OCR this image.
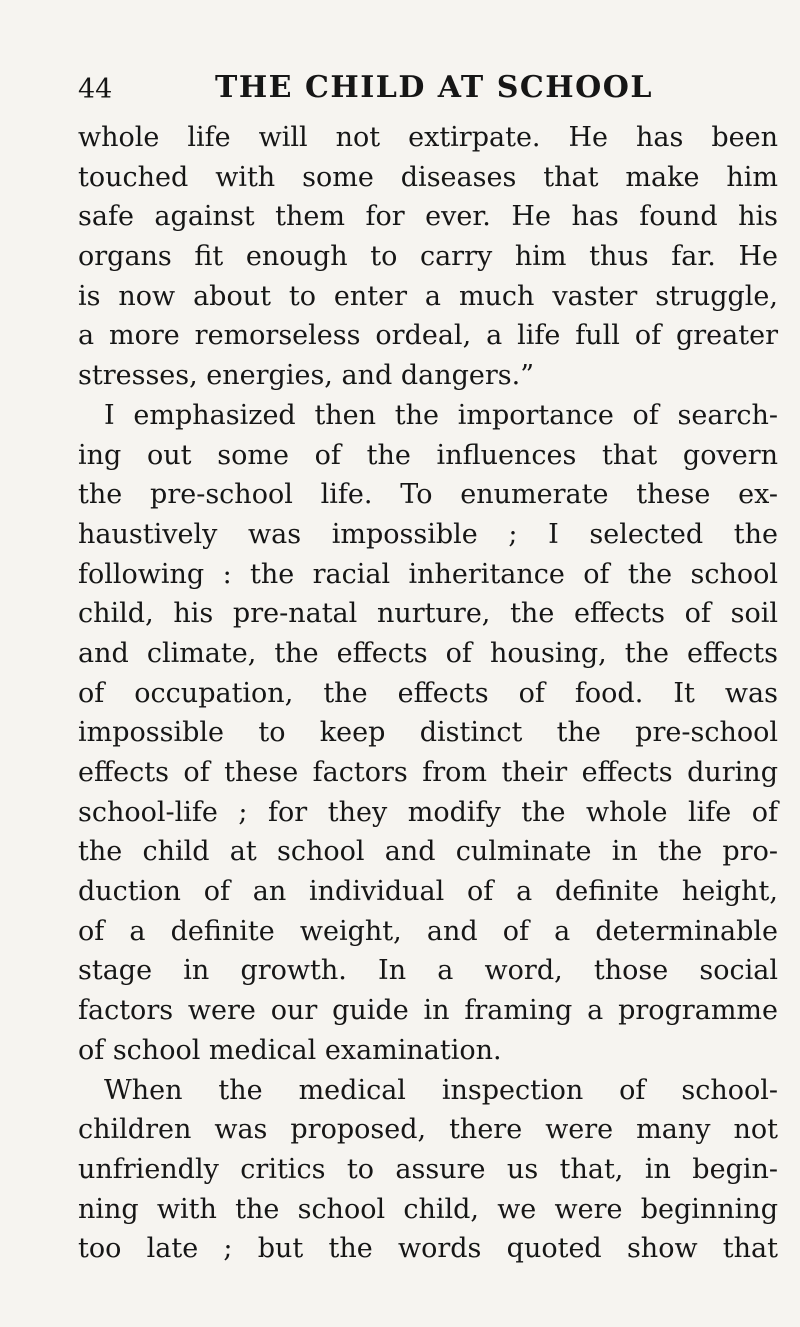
44	THE CHILD AT SCHOOL
whole life will not extirpate. He has been
touched with some diseases that make him
safe against them for ever. He has found his
organs fit enough to carry him thus far. He
is now about to enter a much vaster struggle,
a more remorseless ordeal, a life full of greater
stresses, energies, and dangers.”
I emphasized then the importance of search-
ing out some of the influences that govern
the pre-school life. To enumerate these ex-
haustively was impossible ; I selected the
following : the racial inheritance of the school
child, his pre-natal nurture, the effects of soil
and climate, the effects of housing, the effects
of occupation, the effects of food. It was
impossible to keep distinct the pre-school
effects of these factors from their effects during
school-life ; for they modify the whole life of
the child at school and culminate in the pro-
duction of an individual of a definite height,
of a definite weight, and of a determinable
stage in growth. In a word, those social
factors were our guide in framing a programme
of school medical examination.
When the medical inspection of school-
children was proposed, there were many not
unfriendly critics to assure us that, in begin-
ning with the school child, we were beginning
too late ; but the words quoted show that
